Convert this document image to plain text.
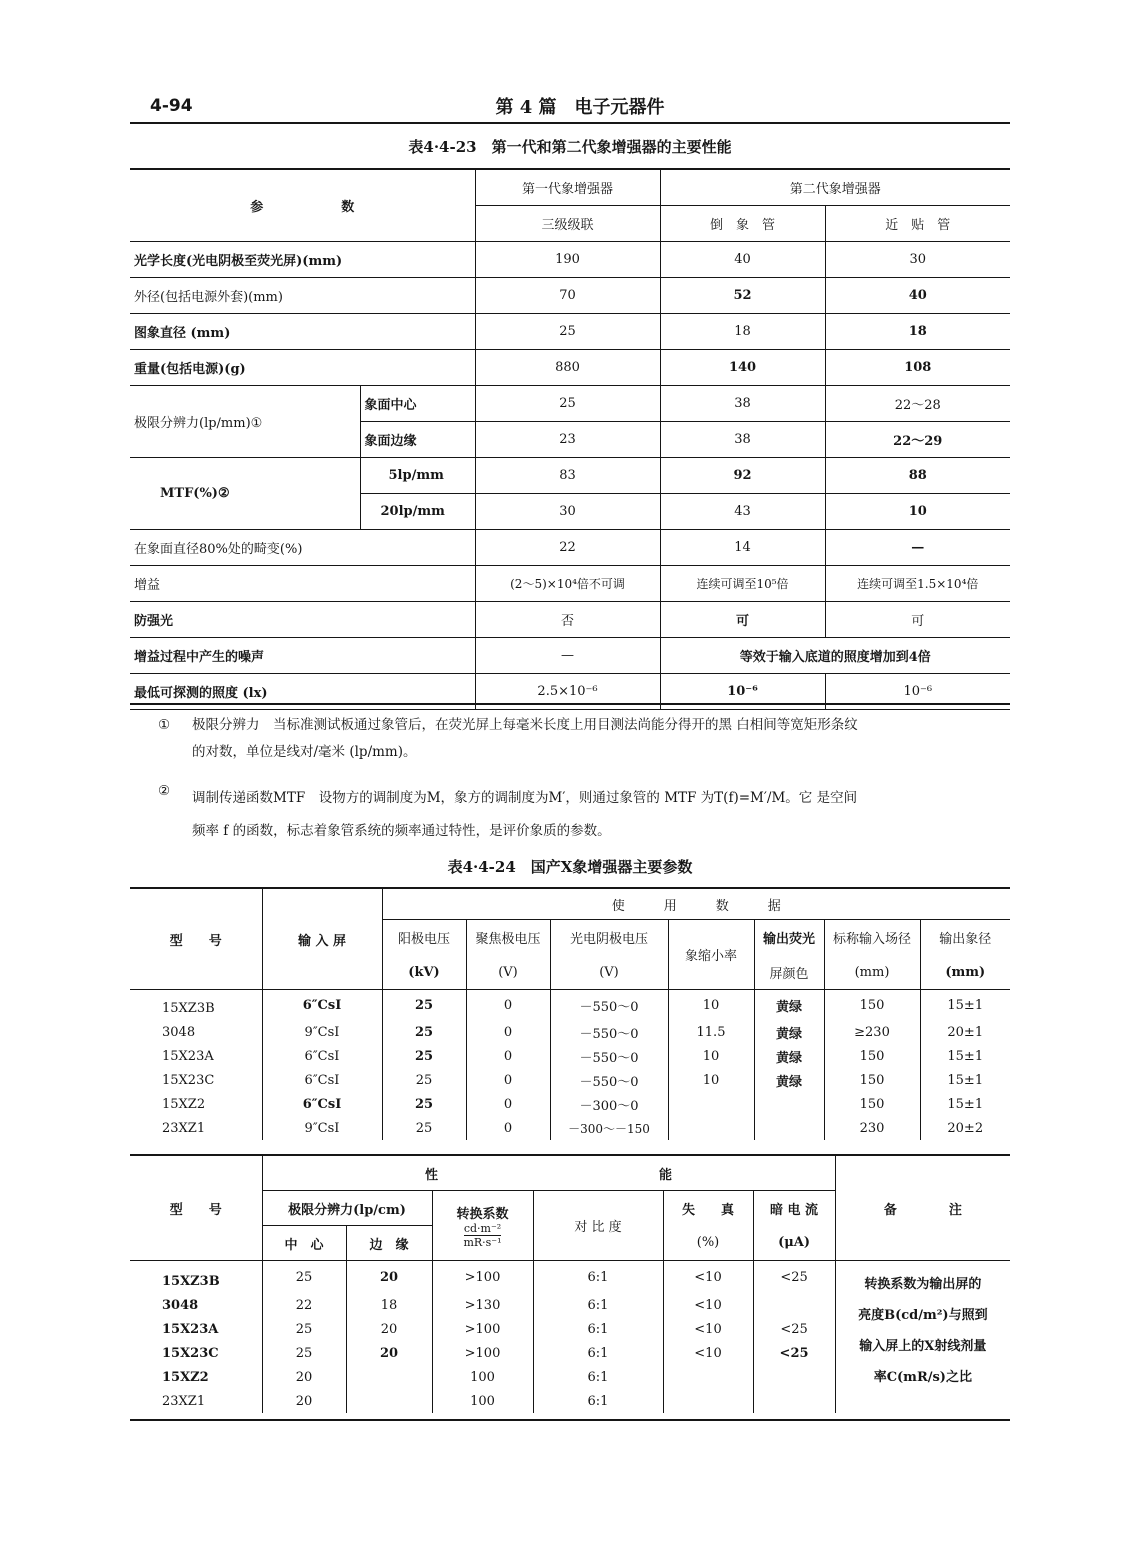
4-94	第 4 篇　电子元器件
表4·4-23　第一代和第二代象增强器的主要性能
参　　　　　　数		第一代象增强器	第二代象增强器	
		三级级联	倒　象　管	近　贴　管
光学长度(光电阴极至荧光屏)(mm)		190	40	30
外径(包括电源外套)(mm)		70	52	40
图象直径 (mm)		25	18	18
重量(包括电源)(g)		880	140	108
极限分辨力(lp/mm)①	象面中心	25	38	22～28
	象面边缘	23	38	22～29
MTF(%)②	5lp/mm	83	92	88
	20lp/mm	30	43	10
在象面直径80%处的畸变(%)		22	14	—
增益		(2～5)×10⁴倍不可调	连续可调至10⁵倍	连续可调至1.5×10⁴倍
防强光		否	可	可
增益过程中产生的噪声		—	等效于输入底道的照度增加到4倍	
最低可探测的照度 (lx)		2.5×10⁻⁶	10⁻⁶	10⁻⁶
①	极限分辨力　当标准测试板通过象管后，在荧光屏上每毫米长度上用目测法尚能分得开的黑 白相间等宽矩形条纹
的对数，单位是线对/毫米 (lp/mm)。
②	调制传递函数MTF　设物方的调制度为M，象方的调制度为M′，则通过象管的 MTF 为T(f)=M′/M。它 是空间
频率 f 的函数，标志着象管系统的频率通过特性，是评价象质的参数。
表4·4-24　国产X象增强器主要参数
型　　号	输 入 屏	使　　　用　　　数　　　据						
		阳极电压	聚焦极电压	光电阴极电压	象缩小率	输出荧光	标称输入场径	输出象径
		(kV)	(V)	(V)		屏颜色	(mm)	(mm)

15XZ3B	6″CsI	25	0	－550～0	10	黄绿	150	15±1
3048	9″CsI	25	0	－550～0	11.5	黄绿	≥230	20±1
15X23A	6″CsI	25	0	－550～0	10	黄绿	150	15±1
15X23C	6″CsI	25	0	－550～0	10	黄绿	150	15±1
15XZ2	6″CsI	25	0	－300～0			150	15±1
23XZ1	9″CsI	25	0	－300～－150			230	20±2
型　　号	性　　　　　　　　　　　　　　　　　能						备　　　　注
	极限分辨力(lp/cm)		转换系数
cd·m⁻²
mR·s⁻¹	对 比 度	失　　真	暗 电 流	
	中　心	边　缘			(%)	(μA)	

15XZ3B	25	20	>100	6:1	<10	<25	转换系数为输出屏的
亮度B(cd/m²)与照到
输入屏上的X射线剂量
率C(mR/s)之比

3048	22	18	>130	6:1	<10		
15X23A	25	20	>100	6:1	<10	<25	
15X23C	25	20	>100	6:1	<10	<25	
15XZ2	20		100	6:1			
23XZ1	20		100	6:1			
